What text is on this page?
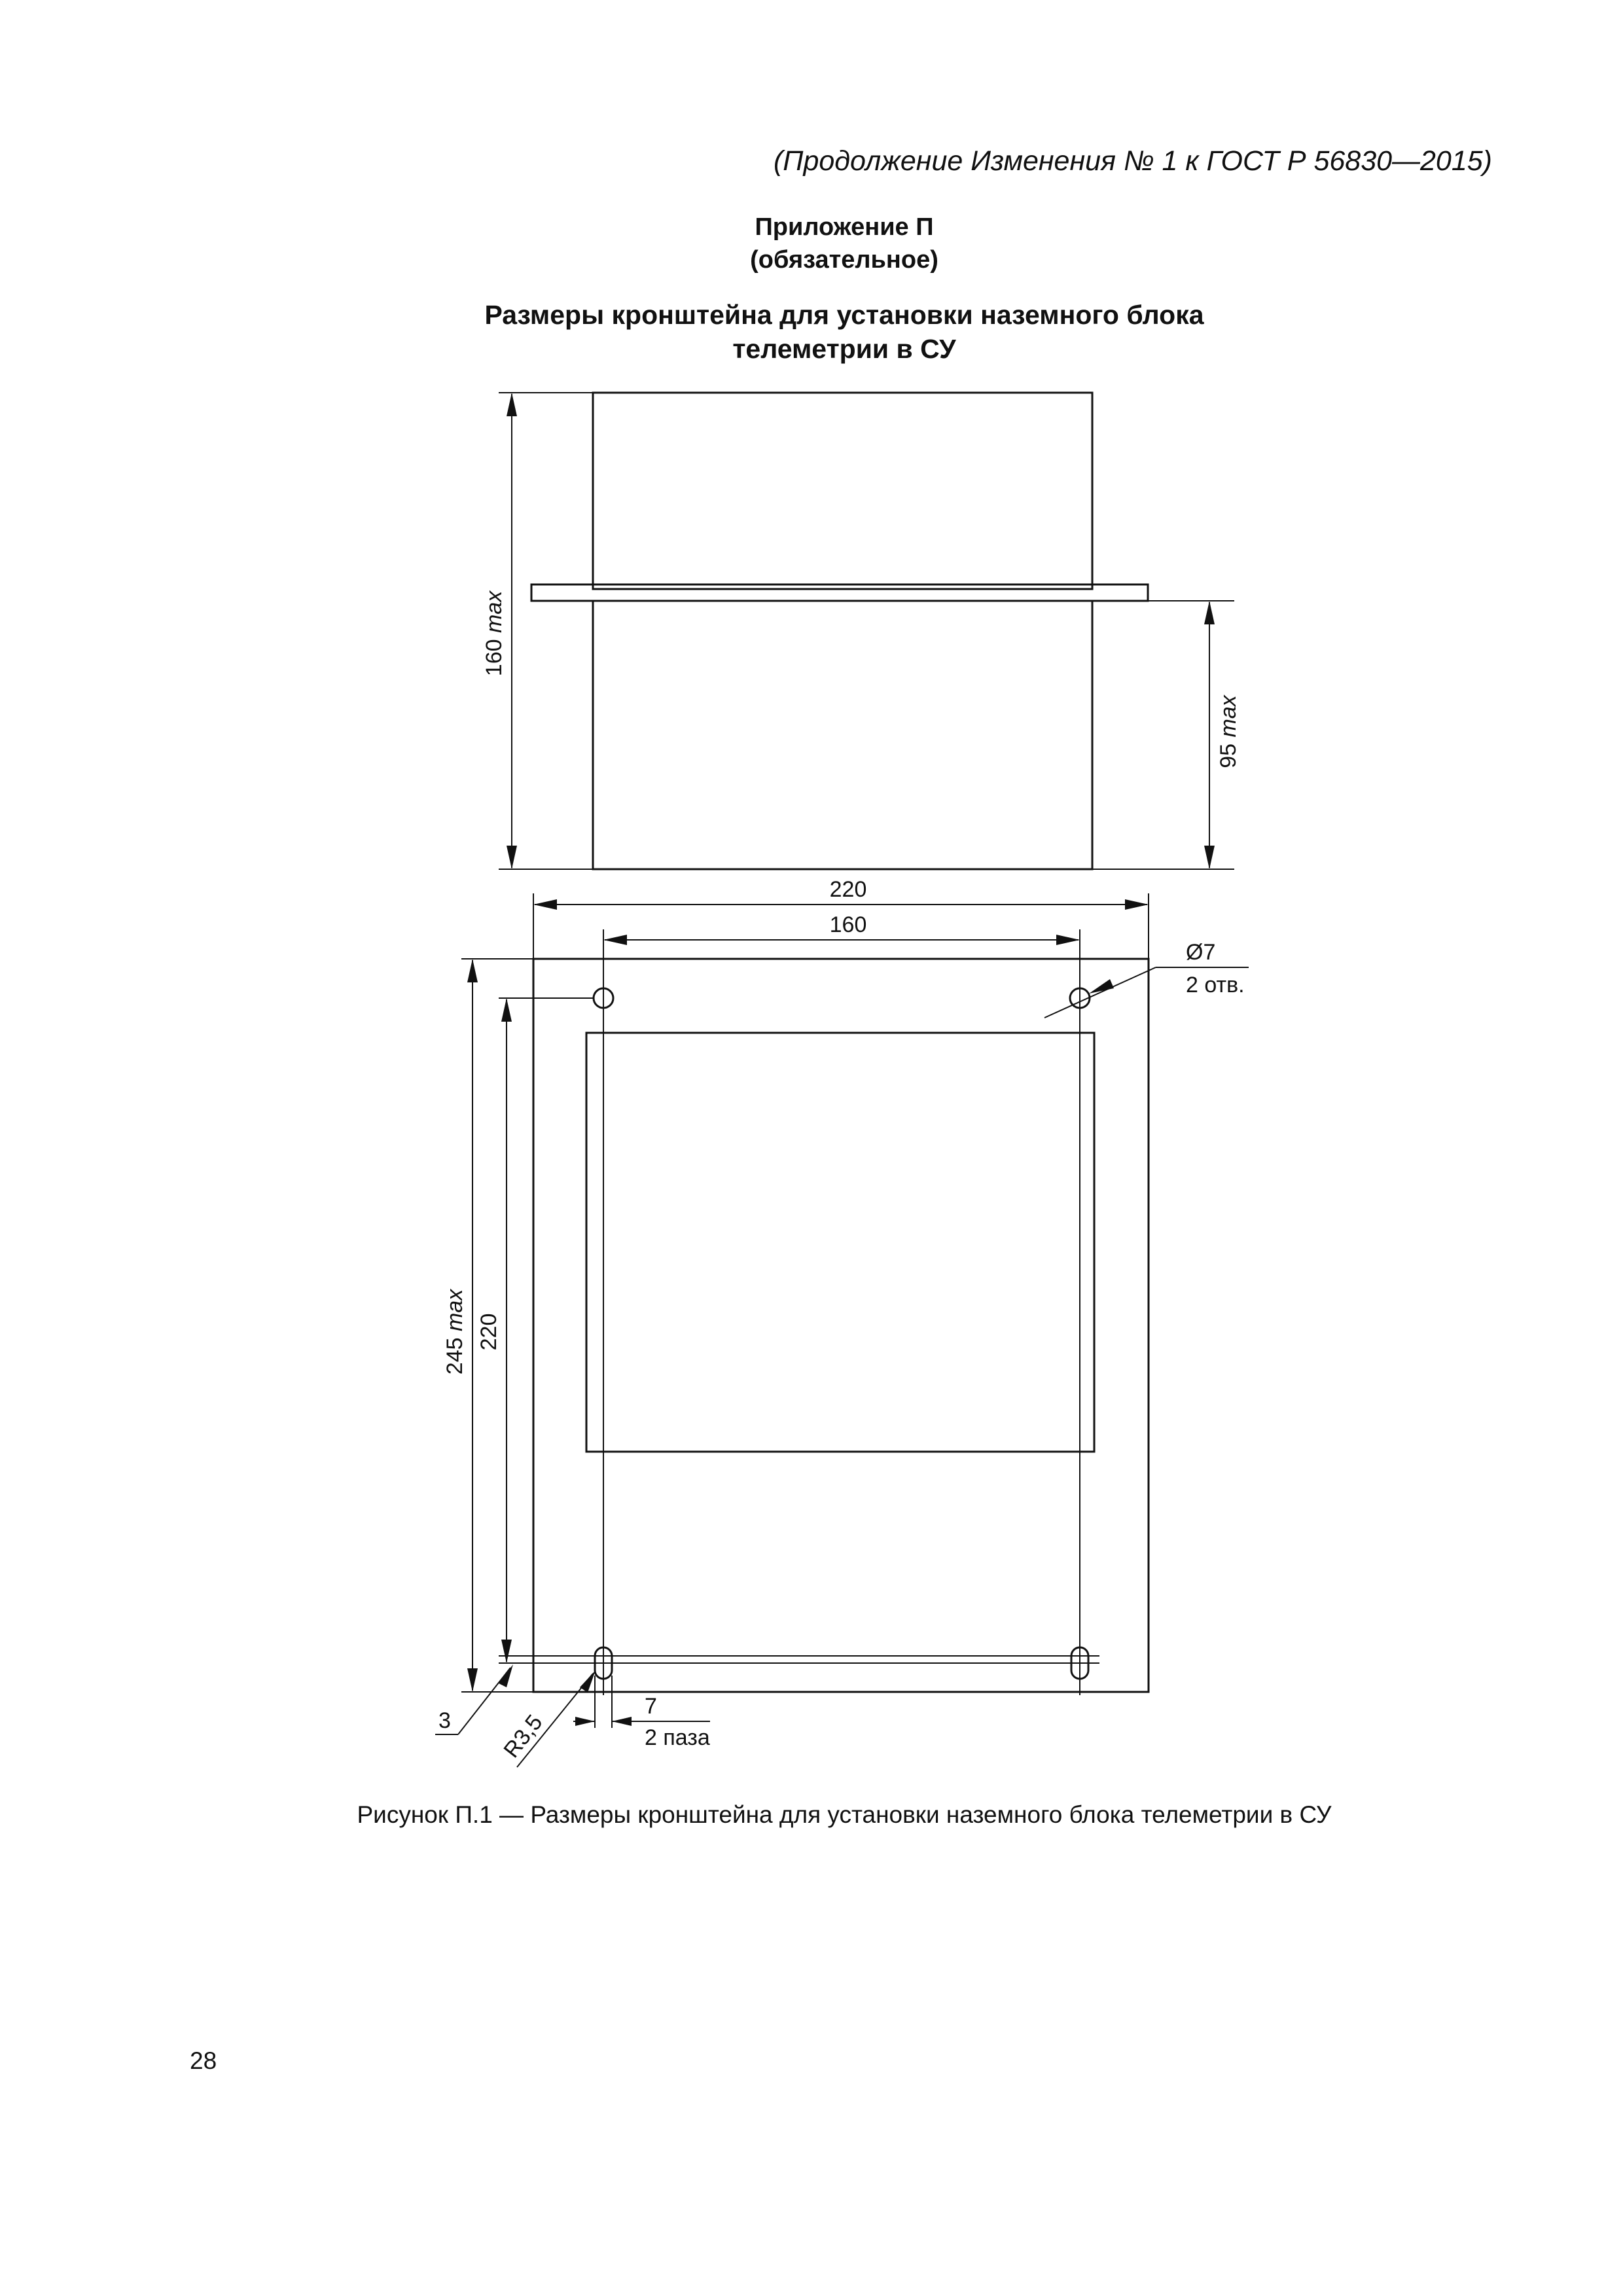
(Продолжение Изменения № 1 к ГОСТ Р 56830—2015)
Приложение П
(обязательное)
Размеры кронштейна для установки наземного блока
телеметрии в СУ
160 max
95 max
220
160
Ø7
2 отв.
245 max
220
3 R3,5
7
2 паза
Рисунок П.1 — Размеры кронштейна для установки наземного блока телеметрии в СУ
28
